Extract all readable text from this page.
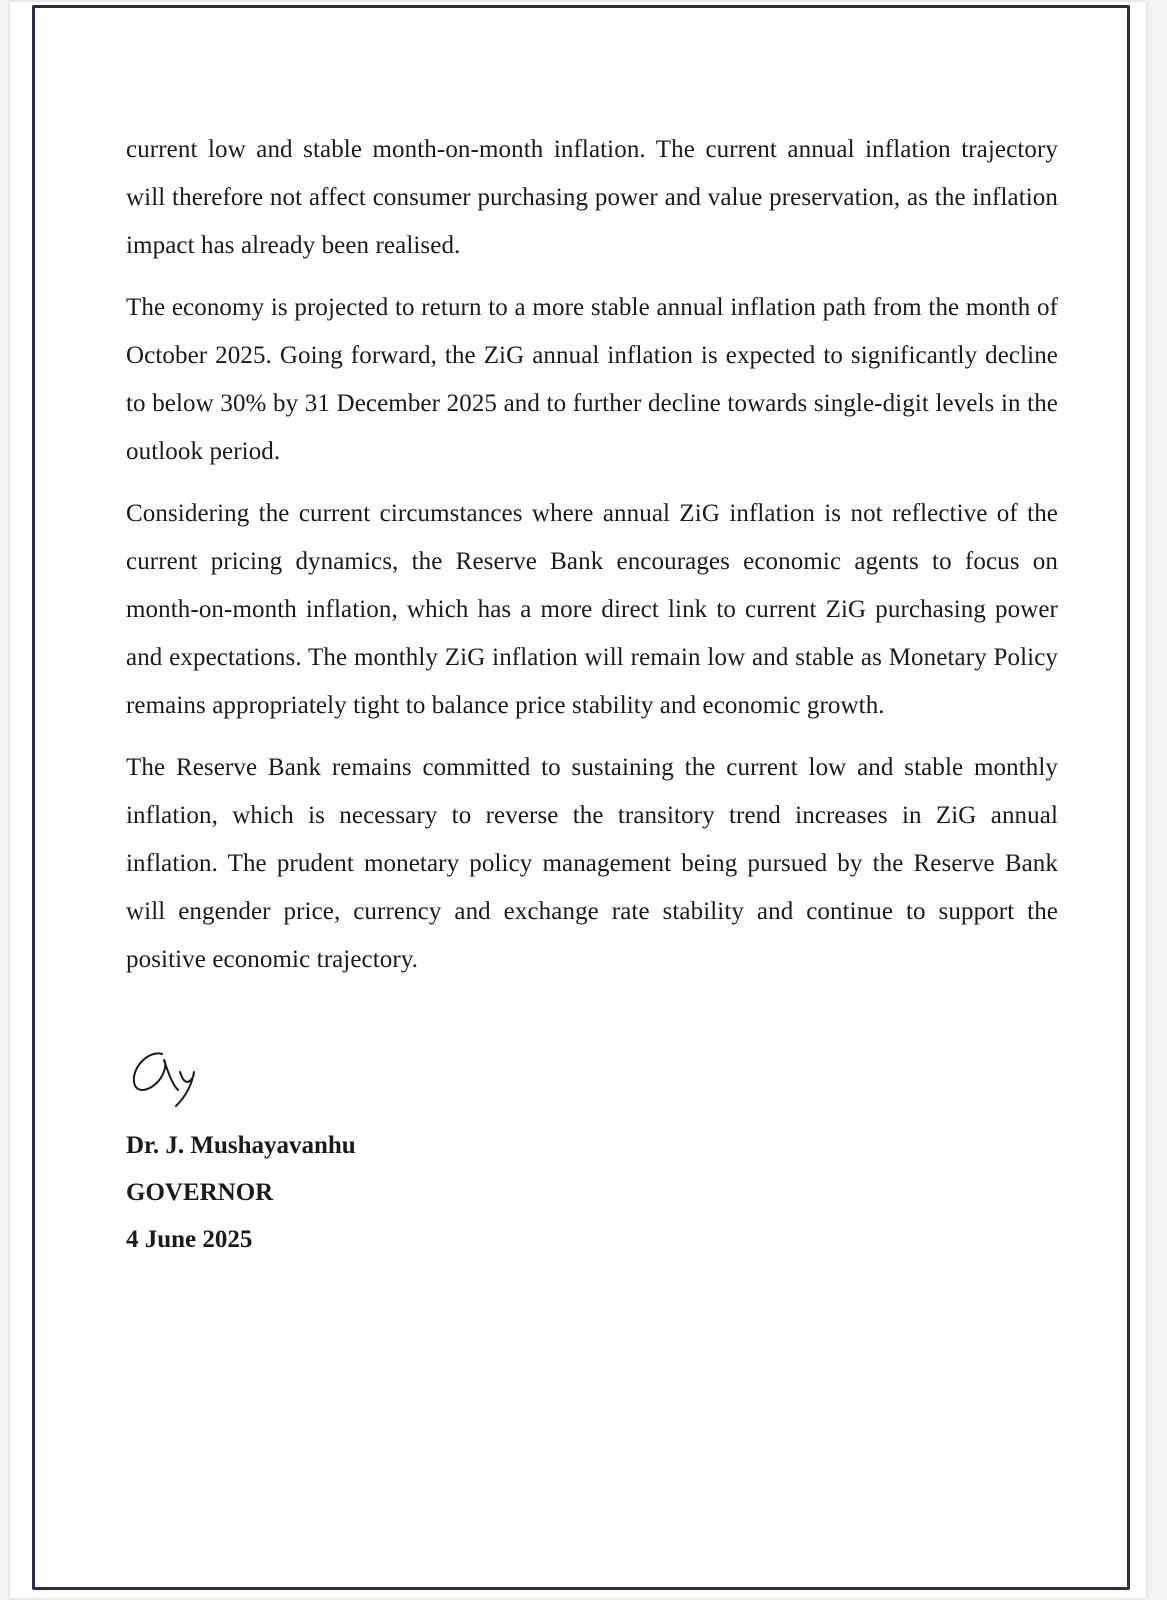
current low and stable month-on-month inflation. The current annual inflation trajectory will therefore not affect consumer purchasing power and value preservation, as the inflation impact has already been realised.

The economy is projected to return to a more stable annual inflation path from the month of October 2025. Going forward, the ZiG annual inflation is expected to significantly decline to below 30% by 31 December 2025 and to further decline towards single-digit levels in the outlook period.

Considering the current circumstances where annual ZiG inflation is not reflective of the current pricing dynamics, the Reserve Bank encourages economic agents to focus on month-on-month inflation, which has a more direct link to current ZiG purchasing power and expectations. The monthly ZiG inflation will remain low and stable as Monetary Policy remains appropriately tight to balance price stability and economic growth.

The Reserve Bank remains committed to sustaining the current low and stable monthly inflation, which is necessary to reverse the transitory trend increases in ZiG annual inflation. The prudent monetary policy management being pursued by the Reserve Bank will engender price, currency and exchange rate stability and continue to support the positive economic trajectory.

Dr. J. Mushayavanhu

GOVERNOR

4 June 2025
